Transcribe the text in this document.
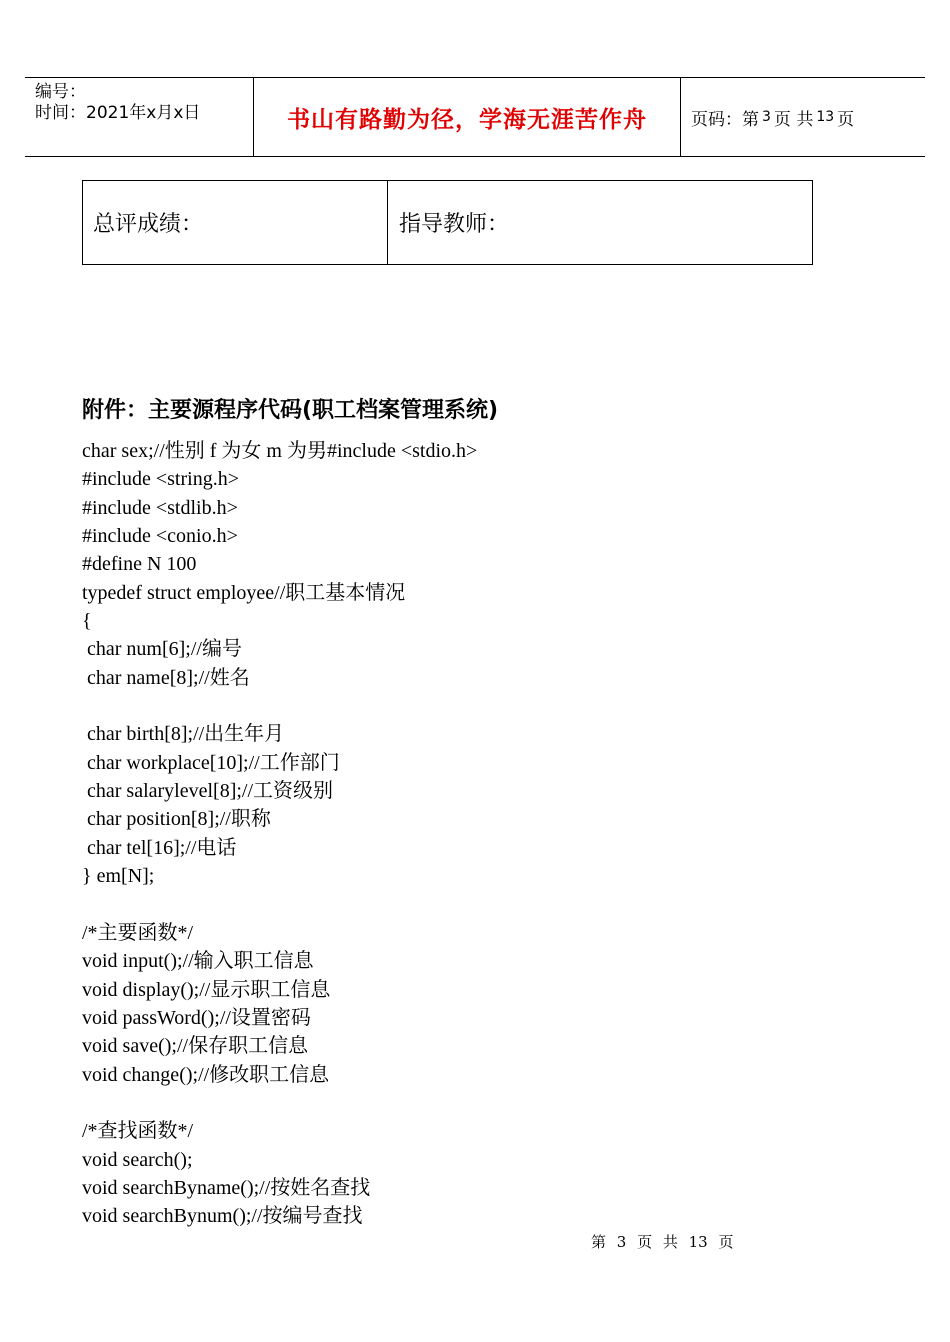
编号：
时间：2021年x月x日	书山有路勤为径，学海无涯苦作舟	页码：第 3 页 共 13 页
总评成绩：	指导教师：
附件：主要源程序代码(职工档案管理系统)
char sex;//性别 f 为女 m 为男#include <stdio.h>
#include <string.h>
#include <stdlib.h>
#include <conio.h>
#define N 100
typedef struct employee//职工基本情况
{
char num[6];//编号
char name[8];//姓名
char birth[8];//出生年月
char workplace[10];//工作部门
char salarylevel[8];//工资级别
char position[8];//职称
char tel[16];//电话
} em[N];
/*主要函数*/
void input();//输入职工信息
void display();//显示职工信息
void passWord();//设置密码
void save();//保存职工信息
void change();//修改职工信息
/*查找函数*/
void search();
void searchByname();//按姓名查找
void searchBynum();//按编号查找
第 3 页 共 13 页
